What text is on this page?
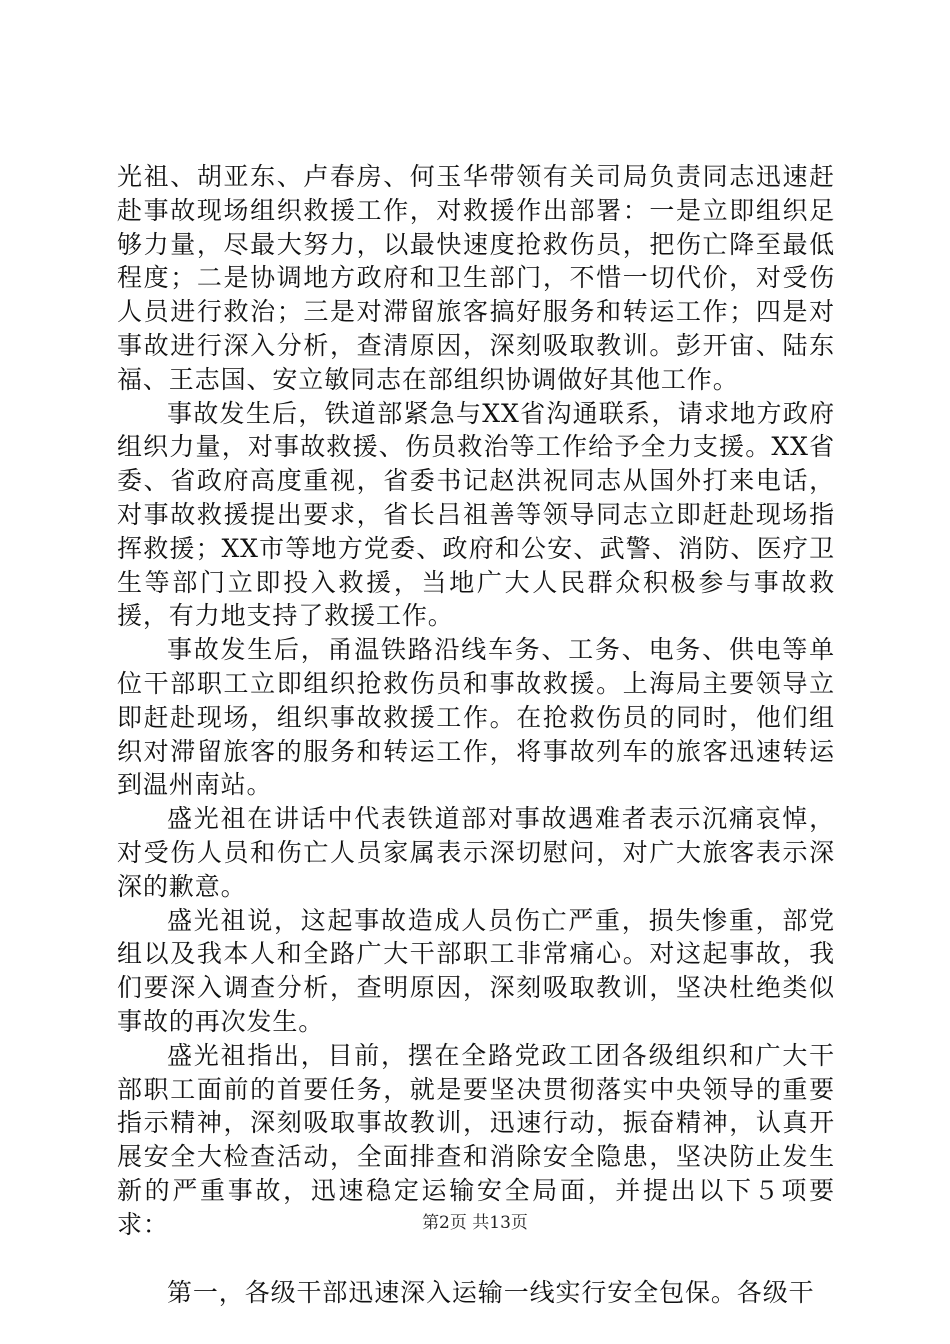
光祖、胡亚东、卢春房、何玉华带领有关司局负责同志迅速赶赴事故现场组织救援工作，对救援作出部署：一是立即组织足够力量，尽最大努力，以最快速度抢救伤员，把伤亡降至最低程度；二是协调地方政府和卫生部门，不惜一切代价，对受伤人员进行救治；三是对滞留旅客搞好服务和转运工作；四是对事故进行深入分析，查清原因，深刻吸取教训。彭开宙、陆东福、王志国、安立敏同志在部组织协调做好其他工作。

事故发生后，铁道部紧急与XX省沟通联系，请求地方政府组织力量，对事故救援、伤员救治等工作给予全力支援。XX省委、省政府高度重视，省委书记赵洪祝同志从国外打来电话，对事故救援提出要求，省长吕祖善等领导同志立即赶赴现场指挥救援；XX市等地方党委、政府和公安、武警、消防、医疗卫生等部门立即投入救援，当地广大人民群众积极参与事故救援，有力地支持了救援工作。

事故发生后，甬温铁路沿线车务、工务、电务、供电等单位干部职工立即组织抢救伤员和事故救援。上海局主要领导立即赶赴现场，组织事故救援工作。在抢救伤员的同时，他们组织对滞留旅客的服务和转运工作，将事故列车的旅客迅速转运到温州南站。

盛光祖在讲话中代表铁道部对事故遇难者表示沉痛哀悼，对受伤人员和伤亡人员家属表示深切慰问，对广大旅客表示深深的歉意。

盛光祖说，这起事故造成人员伤亡严重，损失惨重，部党组以及我本人和全路广大干部职工非常痛心。对这起事故，我们要深入调查分析，查明原因，深刻吸取教训，坚决杜绝类似事故的再次发生。

盛光祖指出，目前，摆在全路党政工团各级组织和广大干部职工面前的首要任务，就是要坚决贯彻落实中央领导的重要指示精神，深刻吸取事故教训，迅速行动，振奋精神，认真开展安全大检查活动，全面排查和消除安全隐患，坚决防止发生新的严重事故，迅速稳定运输安全局面，并提出以下５项要求：

第一，各级干部迅速深入运输一线实行安全包保。各级干

第2页 共13页
